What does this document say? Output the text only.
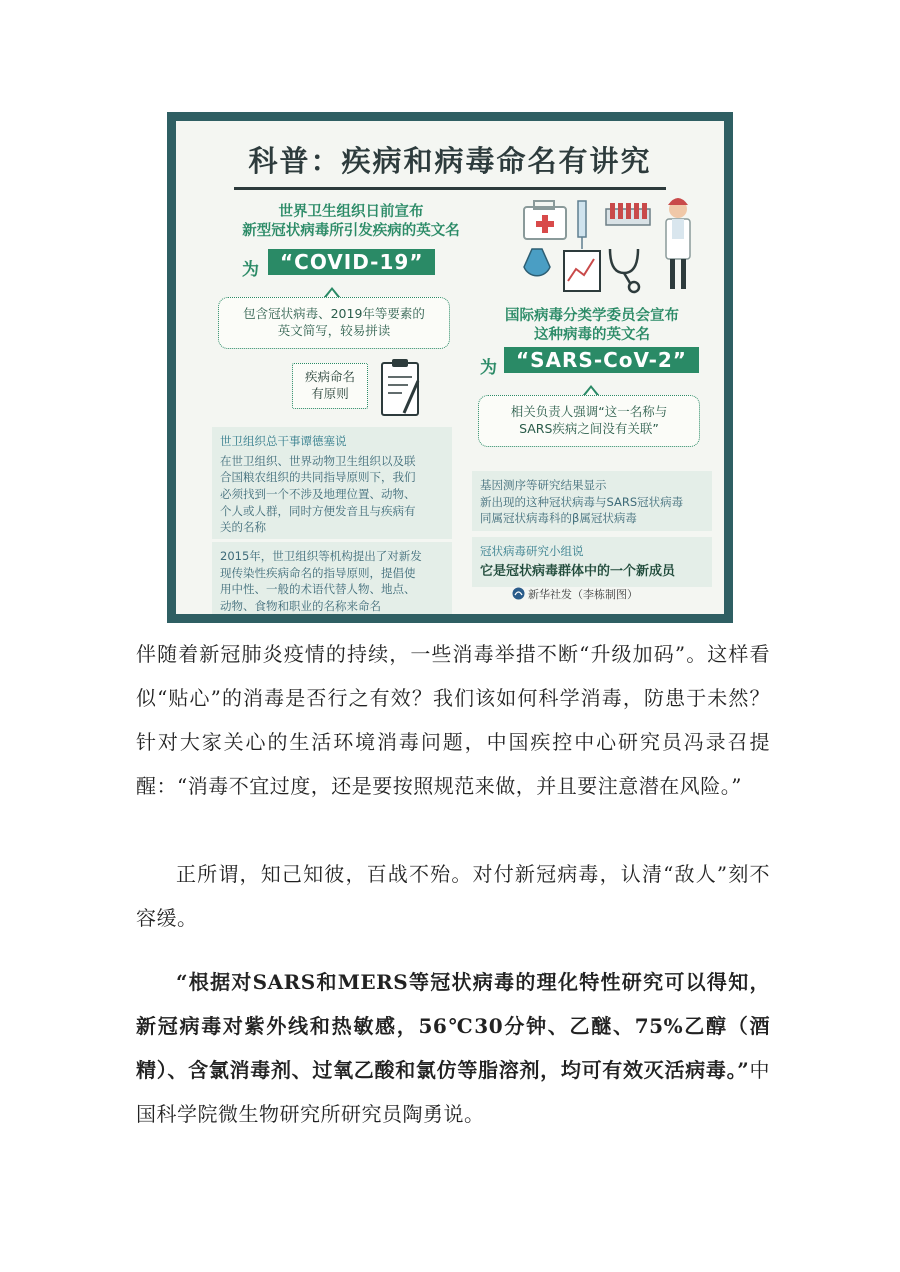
科普：疾病和病毒命名有讲究

世界卫生组织日前宣布
新型冠状病毒所引发疾病的英文名

为	“COVID-19”
包含冠状病毒、2019年等要素的
英文简写，较易拼读
疾病命名
有原则

世卫组织总干事谭德塞说

在世卫组织、世界动物卫生组织以及联

合国粮农组织的共同指导原则下，我们

必须找到一个不涉及地理位置、动物、

个人或人群，同时方便发音且与疾病有

关的名称

2015年，世卫组织等机构提出了对新发

现传染性疾病命名的指导原则，提倡使

用中性、一般的术语代替人物、地点、

动物、食物和职业的名称来命名

国际病毒分类学委员会宣布
这种病毒的英文名

为 “SARS-CoV-2”
相关负责人强调“这一名称与
SARS疾病之间没有关联”

基因测序等研究结果显示

新出现的这种冠状病毒与SARS冠状病毒

同属冠状病毒科的β属冠状病毒

冠状病毒研究小组说

它是冠状病毒群体中的一个新成员

新华社发（李栋制图）

伴随着新冠肺炎疫情的持续，一些消毒举措不断“升级加码”。这样看似“贴心”的消毒是否行之有效？我们该如何科学消毒，防患于未然？针对大家关心的生活环境消毒问题，中国疾控中心研究员冯录召提醒：“消毒不宜过度，还是要按照规范来做，并且要注意潜在风险。”

正所谓，知己知彼，百战不殆。对付新冠病毒，认清“敌人”刻不容缓。

“根据对SARS和MERS等冠状病毒的理化特性研究可以得知，新冠病毒对紫外线和热敏感，56℃30分钟、乙醚、75%乙醇（酒精）、含氯消毒剂、过氧乙酸和氯仿等脂溶剂，均可有效灭活病毒。”中国科学院微生物研究所研究员陶勇说。
